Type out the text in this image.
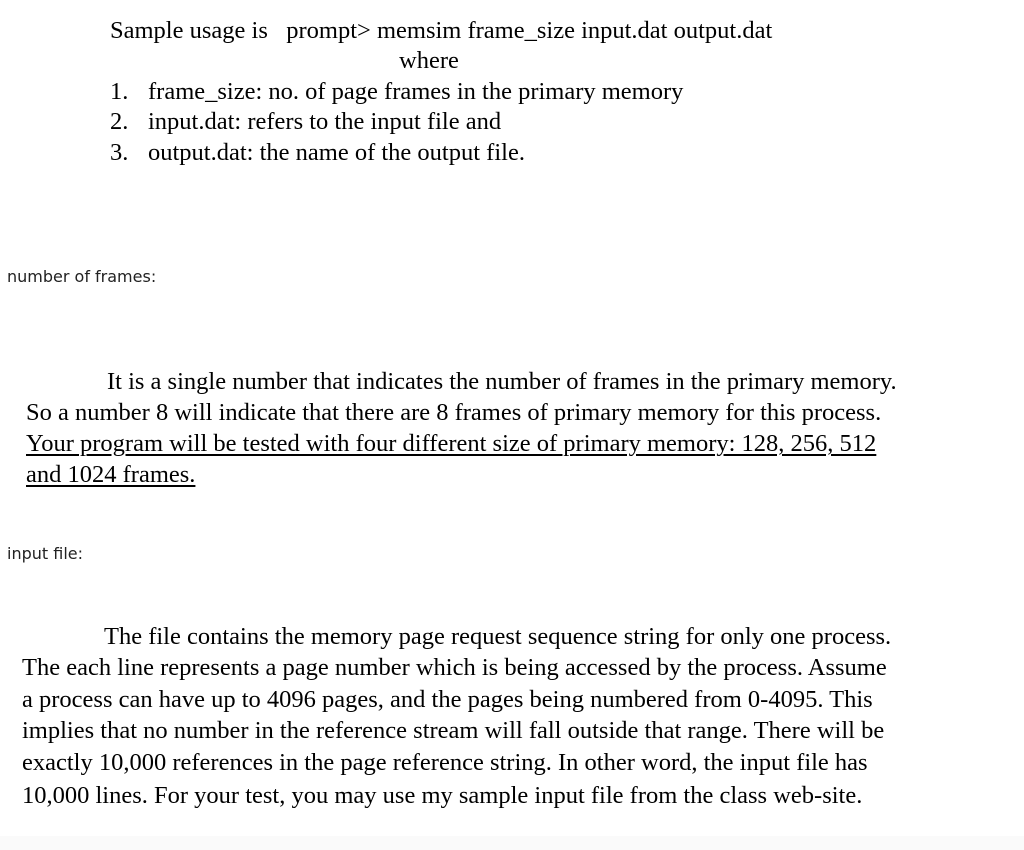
Sample usage is prompt> memsim frame_size input.dat output.dat
where
1. frame_size: no. of page frames in the primary memory
2. input.dat: refers to the input file and
3. output.dat: the name of the output file.
number of frames:
It is a single number that indicates the number of frames in the primary memory.
So a number 8 will indicate that there are 8 frames of primary memory for this process.
Your program will be tested with four different size of primary memory: 128, 256, 512
and 1024 frames.
input file:
The file contains the memory page request sequence string for only one process.
The each line represents a page number which is being accessed by the process. Assume
a process can have up to 4096 pages, and the pages being numbered from 0-4095. This
implies that no number in the reference stream will fall outside that range. There will be
exactly 10,000 references in the page reference string. In other word, the input file has
10,000 lines. For your test, you may use my sample input file from the class web-site.
